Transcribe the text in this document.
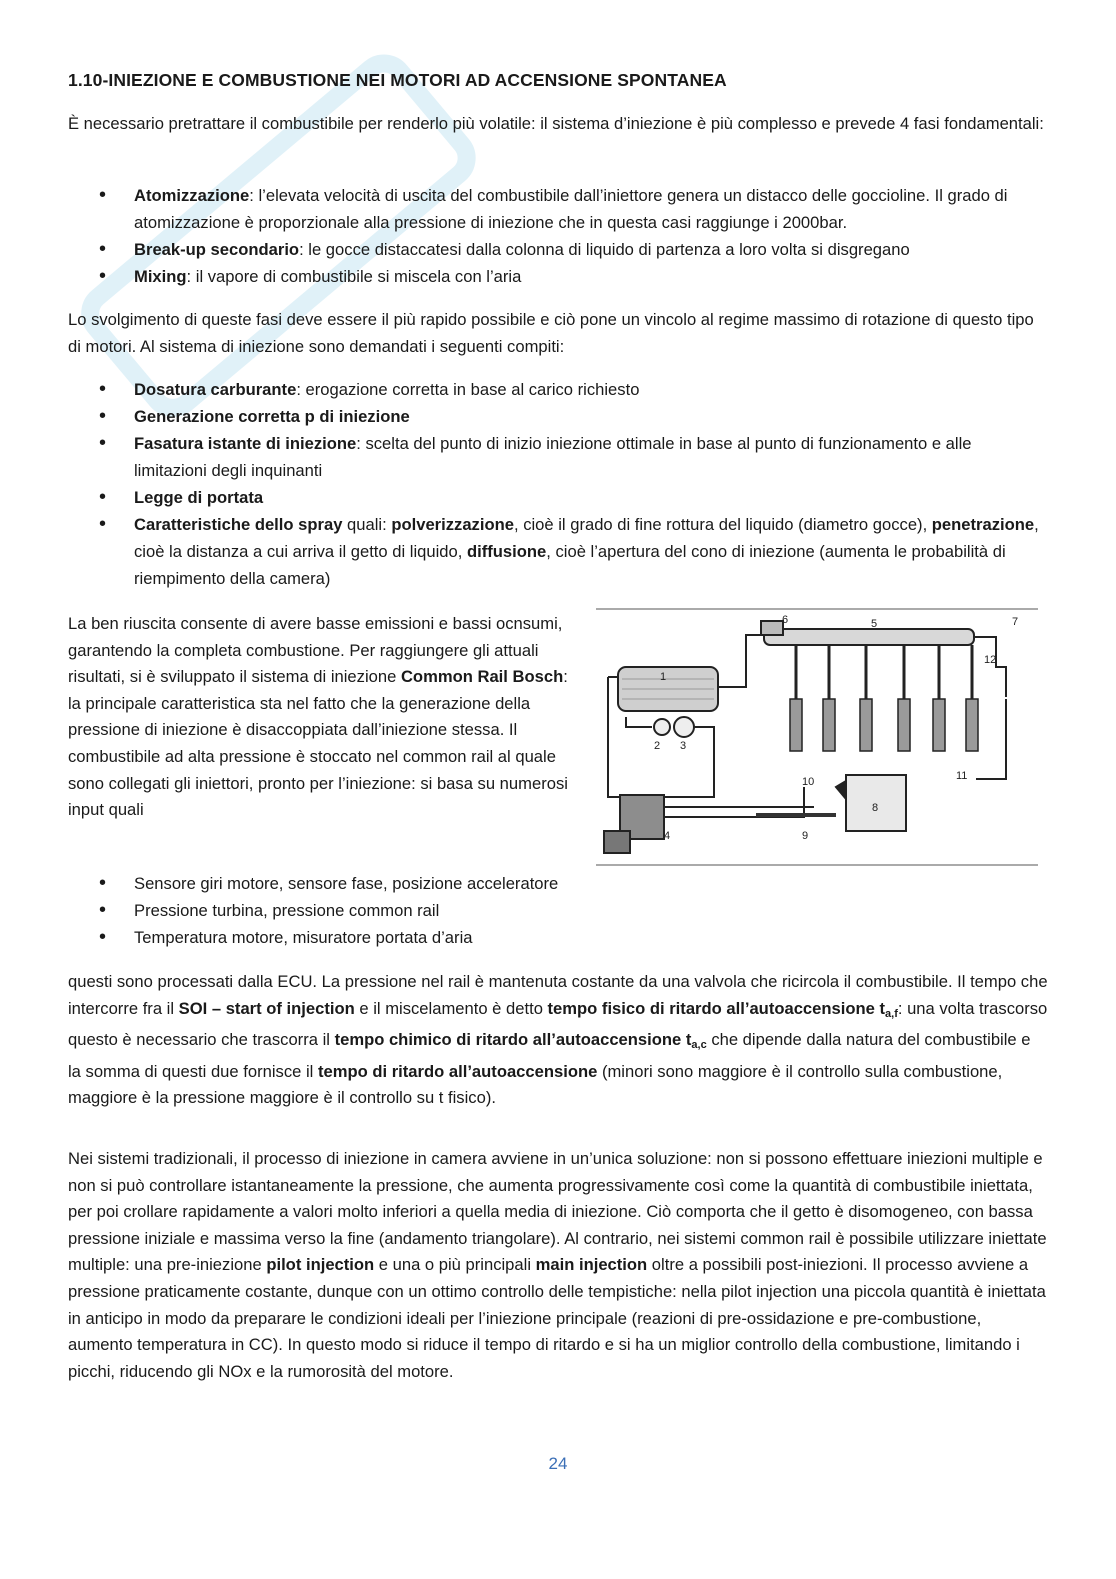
1.10-INIEZIONE E COMBUSTIONE NEI MOTORI AD ACCENSIONE SPONTANEA

È necessario pretrattare il combustibile per renderlo più volatile: il sistema d’iniezione è più complesso e prevede 4 fasi fondamentali:

• Atomizzazione: l’elevata velocità di uscita del combustibile dall’iniettore genera un distacco delle goccioline. Il grado di atomizzazione è proporzionale alla pressione di iniezione che in questa casi raggiunge i 2000bar.
• Break-up secondario: le gocce distaccatesi dalla colonna di liquido di partenza a loro volta si disgregano
• Mixing: il vapore di combustibile si miscela con l’aria

Lo svolgimento di queste fasi deve essere il più rapido possibile e ciò pone un vincolo al regime massimo di rotazione di questo tipo di motori. Al sistema di iniezione sono demandati i seguenti compiti:

• Dosatura carburante: erogazione corretta in base al carico richiesto
• Generazione corretta p di iniezione
• Fasatura istante di iniezione: scelta del punto di inizio iniezione ottimale in base al punto di funzionamento e alle limitazioni degli inquinanti
• Legge di portata
• Caratteristiche dello spray quali: polverizzazione, cioè il grado di fine rottura del liquido (diametro gocce), penetrazione, cioè la distanza a cui arriva il getto di liquido, diffusione, cioè l’apertura del cono di iniezione (aumenta le probabilità di riempimento della camera)

La ben riuscita consente di avere basse emissioni e bassi ocnsumi, garantendo la completa combustione. Per raggiungere gli attuali risultati, si è sviluppato il sistema di iniezione Common Rail Bosch: la principale caratteristica sta nel fatto che la generazione della pressione di iniezione è disaccoppiata dall’iniezione stessa. Il combustibile ad alta pressione è stoccato nel common rail al quale sono collegati gli iniettori, pronto per l’iniezione: si basa su numerosi input quali

1
2 3
4
5
6	7
8
9
10	11
12
• Sensore giri motore, sensore fase, posizione acceleratore
• Pressione turbina, pressione common rail
• Temperatura motore, misuratore portata d’aria

questi sono processati dalla ECU. La pressione nel rail è mantenuta costante da una valvola che ricircola il combustibile. Il tempo che intercorre fra il SOI – start of injection e il miscelamento è detto tempo fisico di ritardo all’autoaccensione $t_{a,f}$: una volta trascorso questo è necessario che trascorra il tempo chimico di ritardo all’autoaccensione $t_{a,c}$ che dipende dalla natura del combustibile e la somma di questi due fornisce il tempo di ritardo all’autoaccensione (minori sono maggiore è il controllo sulla combustione, maggiore è la pressione maggiore è il controllo su t fisico).

Nei sistemi tradizionali, il processo di iniezione in camera avviene in un’unica soluzione: non si possono effettuare iniezioni multiple e non si può controllare istantaneamente la pressione, che aumenta progressivamente così come la quantità di combustibile iniettata, per poi crollare rapidamente a valori molto inferiori a quella media di iniezione. Ciò comporta che il getto è disomogeneo, con bassa pressione iniziale e massima verso la fine (andamento triangolare). Al contrario, nei sistemi common rail è possibile utilizzare iniettate multiple: una pre-iniezione pilot injection e una o più principali main injection oltre a possibili post-iniezioni. Il processo avviene a pressione praticamente costante, dunque con un ottimo controllo delle tempistiche: nella pilot injection una piccola quantità è iniettata in anticipo in modo da preparare le condizioni ideali per l’iniezione principale (reazioni di pre-ossidazione e pre-combustione, aumento temperatura in CC). In questo modo si riduce il tempo di ritardo e si ha un miglior controllo della combustione, limitando i picchi, riducendo gli NOx e la rumorosità del motore.

24
